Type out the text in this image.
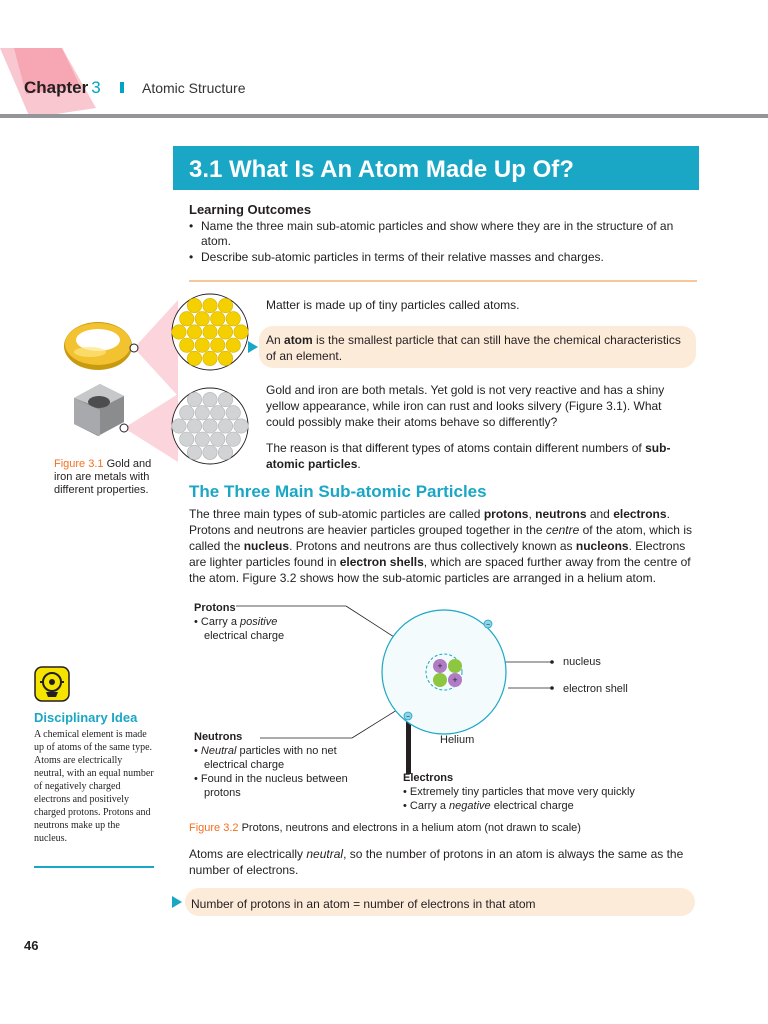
Chapter 3	Atomic Structure
3.1 What Is An Atom Made Up Of?
Learning Outcomes
• Name the three main sub-atomic particles and show where they are in the structure of an atom.
• Describe sub-atomic particles in terms of their relative masses and charges.
Figure 3.1 Gold and iron are metals with different properties.
Matter is made up of tiny particles called atoms.
An atom is the smallest particle that can still have the chemical characteristics of an element.
Gold and iron are both metals. Yet gold is not very reactive and has a shiny yellow appearance, while iron can rust and looks silvery (Figure 3.1). What could possibly make their atoms behave so differently?
The reason is that different types of atoms contain different numbers of sub-atomic particles.
The Three Main Sub-atomic Particles
The three main types of sub-atomic particles are called protons, neutrons and electrons. Protons and neutrons are heavier particles grouped together in the centre of the atom, which is called the nucleus. Protons and neutrons are thus collectively known as nucleons. Electrons are lighter particles found in electron shells, which are spaced further away from the centre of the atom. Figure 3.2 shows how the sub-atomic particles are arranged in a helium atom.
+
+
−
−
Protons
• Carry a positive
electrical charge
Neutrons
• Neutral particles with no net
electrical charge
• Found in the nucleus between
protons
Electrons
• Extremely tiny particles that move very quickly
• Carry a negative electrical charge
Helium
nucleus
electron shell
Figure 3.2 Protons, neutrons and electrons in a helium atom (not drawn to scale)
Atoms are electrically neutral, so the number of protons in an atom is always the same as the number of electrons.
Number of protons in an atom = number of electrons in that atom
Disciplinary Idea
A chemical element is made up of atoms of the same type. Atoms are electrically neutral, with an equal number of negatively charged electrons and positively charged protons. Protons and neutrons make up the nucleus.
46
